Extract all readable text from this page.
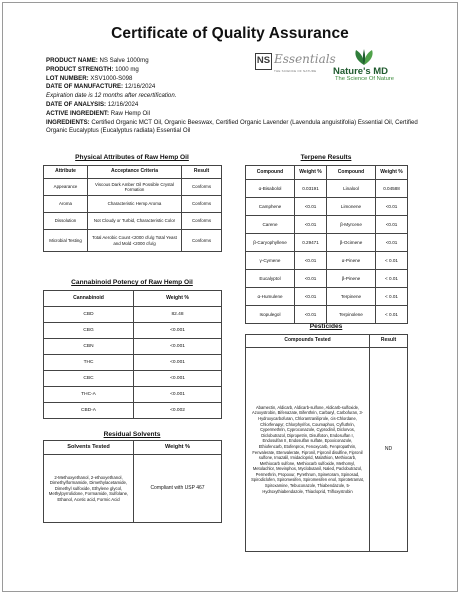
Certificate of Quality Assurance
PRODUCT NAME: NS Salve 1000mg
PRODUCT STRENGTH: 1000 mg
LOT NUMBER: XSV1000-S098
DATE OF MANUFACTURE: 12/16/2024
Expiration date is 12 months after recertification.
DATE OF ANALYSIS: 12/16/2024
ACTIVE INGREDIENT: Raw Hemp Oil
INGREDIENTS: Certified Organic MCT Oil, Organic Beeswax, Certified Organic Lavender (Lavendula anguistifolia) Essential Oil, Certified Organic Eucalyptus (Eucalyptus radiata) Essential Oil
NS Essentials
THE SCIENCE OF NATURE Nature's MD
The Science Of Nature
Physical Attributes of Raw Hemp Oil
Attribute	Acceptance Criteria	Result
Appearance	Viscous Dark Amber Oil Possible Crystal Formation	Conforms
Aroma	Characteristic Hemp Aroma	Conforms
Dissolution	Not Cloudy or Turbid, Characteristic Color	Conforms
Microbial Testing	Total Aerobic Count <2000 cfu/g Total Yeast and Mold <2000 cfu/g	Conforms
Terpene Results
Compound	Weight %	Compound	Weight %
α-Bisabolol	0.03191	Linalool	0.04588
Camphene	<0.01	Limonene	<0.01
Carene	<0.01	β-Myrcene	<0.01
β-Caryophyllene	0.29471	β-Ocimene	<0.01
γ-Cymene	<0.01	α-Pinene	< 0.01
Eucalyptol	<0.01	β-Pinene	< 0.01
α-Humulene	<0.01	Terpinene	< 0.01
Isopulegol	<0.01	Terpinolene	< 0.01
Cannabinoid Potency of Raw Hemp Oil
Cannabinoid	Weight %
CBD	82.48
CBG	<0.001
CBN	<0.001
THC	<0.001
CBC	<0.001
THC-A	<0.001
CBD-A	<0.002
Pesticides
Compounds Tested	Result
Abamectin, Aldicarb, Aldicarb-sulfone, Aldicarb-sulfoxide, Azoxystrobin, Bifenazate, Bifenthrin, Carbaryl, Carbofuran, 3-Hydroxycarbofuran, Chlorantraniliprole, cis-Chlordane, Chlorfenapyr, Chlorphyrifos, Coumaphos, Cyfluthrin, Cypermethrin, Cyproconazole, Cyprodinil, Diclorvos, Diclobutrazol, Dipropetrin, Disulfoton, Endosulfan I, Endosulfan II, Endosulfan sulfate, Epoxiconazole, Ethiofencarb, Etofenprox, Fenoxycarb, Fenpropathrin, Fenvalerate, Etenvalerate, Fipronil, Fipronil disulfine, Fipronil sulfone, Imazalil, Imidacloprid, Malathion, Methiocarb, Methiocarb sulfone, Methiocarb sulfoxide, Methomyl, Metolachlor, Mevinphos, Myclobutanil, Naled, Paclobutrazol, Permethrin, Propoxur, Pyrethrum, Spinetoram, Spinosad, Spirodiclofen, Spiromesifen, Spiromesifen enol, Spirotetramat, Spiroxamine, Tebuconazole, Thiabendazole, 5-Hydroxythiabendazole, Thiacloprid, Trifloxystrobin	ND
Residual Solvents
Solvents Tested	Weight %
2-Methoxyethanol, 2-ethoxyethanol, Dimethylformamide, Dimethylacetamide, Dimethyl sulfoxide, Ethylene glycol, Methylpyrrolidone, Formamide, Sulfolane, Ethanol, Acetic acid, Formic Acid	Compliant with USP 467
